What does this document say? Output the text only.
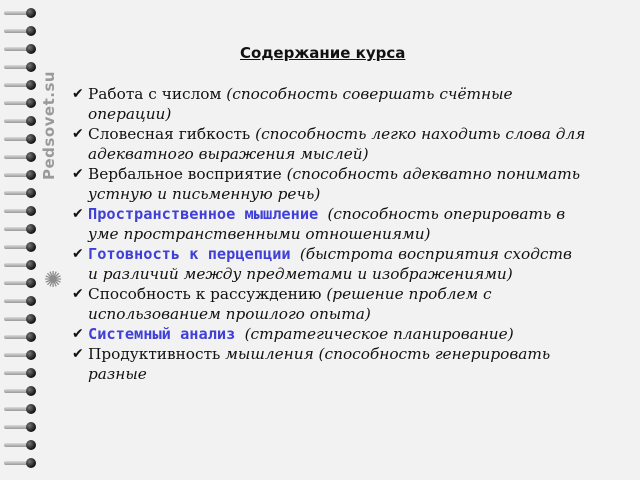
Pedsovet.su
✺
Содержание курса
✔ Работа с числом (способность совершать счётные операции)
✔ Словесная гибкость (способность легко находить слова для адекватного выражения мыслей)
✔ Вербальное восприятие (способность адекватно понимать устную и письменную речь)
✔ Пространственное мышление (способность оперировать в уме пространственными отношениями)
✔ Готовность к перцепции (быстрота восприятия сходств и различий между предметами и изображениями)
✔ Способность к рассуждению (решение проблем с использованием прошлого опыта)
✔ Системный анализ (стратегическое планирование)
✔ Продуктивность мышления (способность генерировать разные
